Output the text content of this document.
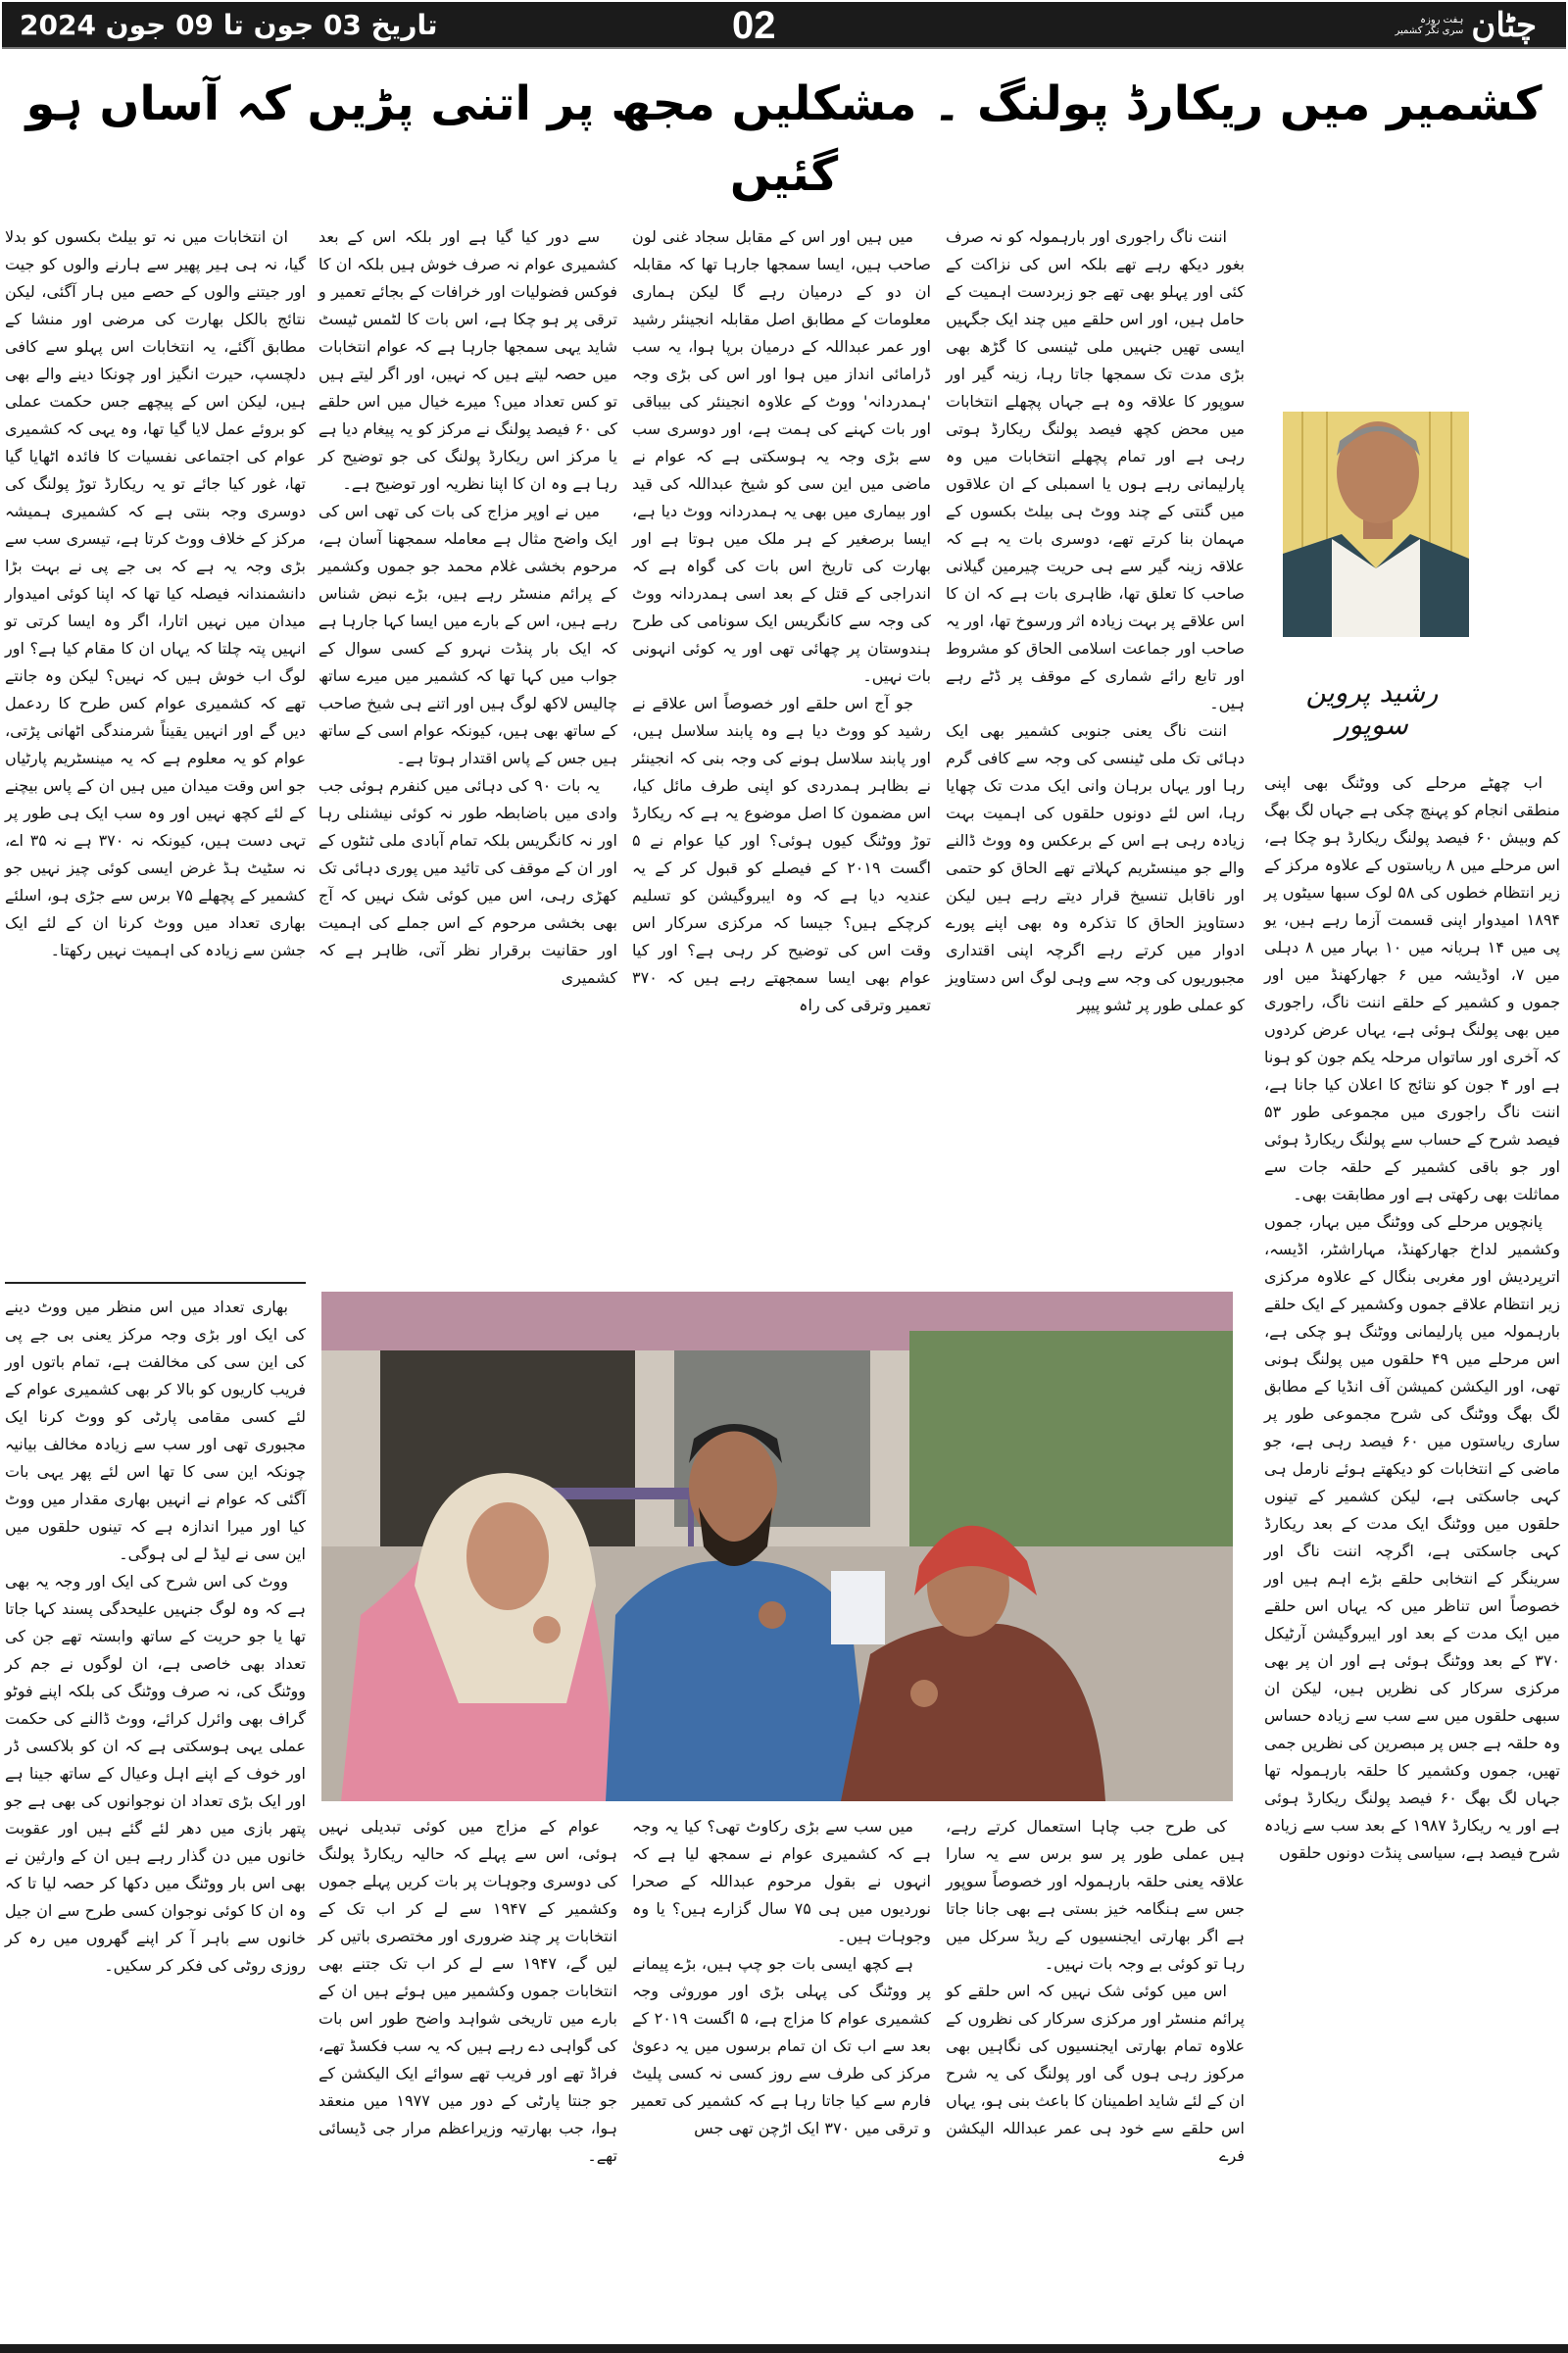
ہفت روزہ
سری نگر کشمیر چٹان
02
تاریخ 03 جون تا 09 جون 2024
کشمیر میں ریکارڈ پولنگ ۔ مشکلیں مجھ پر اتنی پڑیں کہ آساں ہو گئیں
رشید پروین سوپور

اب چھٹے مرحلے کی ووٹنگ بھی اپنی منطقی انجام کو پہنچ چکی ہے جہاں لگ بھگ کم وبیش ۶۰ فیصد پولنگ ریکارڈ ہو چکا ہے، اس مرحلے میں ۸ ریاستوں کے علاوہ مرکز کے زیر انتظام خطوں کی ۵۸ لوک سبھا سیٹوں پر ۱۸۹۴ امیدوار اپنی قسمت آزما رہے ہیں، یو پی میں ۱۴ ہریانہ میں ۱۰ بہار میں ۸ دہلی میں ۷، اوڈیشہ میں ۶ جھارکھنڈ میں اور جموں و کشمیر کے حلقے اننت ناگ، راجوری میں بھی پولنگ ہوئی ہے، یہاں عرض کردوں کہ آخری اور ساتواں مرحلہ یکم جون کو ہونا ہے اور ۴ جون کو نتائج کا اعلان کیا جانا ہے، اننت ناگ راجوری میں مجموعی طور ۵۳ فیصد شرح کے حساب سے پولنگ ریکارڈ ہوئی اور جو باقی کشمیر کے حلقہ جات سے مماثلت بھی رکھتی ہے اور مطابقت بھی۔

پانچویں مرحلے کی ووٹنگ میں بہار، جموں وکشمیر لداخ جھارکھنڈ، مہاراشٹر، اڈیسہ، اترپردیش اور مغربی بنگال کے علاوہ مرکزی زیر انتظام علاقے جموں وکشمیر کے ایک حلقے بارہمولہ میں پارلیمانی ووٹنگ ہو چکی ہے، اس مرحلے میں ۴۹ حلقوں میں پولنگ ہونی تھی، اور الیکشن کمیشن آف انڈیا کے مطابق لگ بھگ ووٹنگ کی شرح مجموعی طور پر ساری ریاستوں میں ۶۰ فیصد رہی ہے، جو ماضی کے انتخابات کو دیکھتے ہوئے نارمل ہی کہی جاسکتی ہے، لیکن کشمیر کے تینوں حلقوں میں ووٹنگ ایک مدت کے بعد ریکارڈ کہی جاسکتی ہے، اگرچہ اننت ناگ اور سرینگر کے انتخابی حلقے بڑے اہم ہیں اور خصوصاً اس تناظر میں کہ یہاں اس حلقے میں ایک مدت کے بعد اور ایبروگیشن آرٹیکل ۳۷۰ کے بعد ووٹنگ ہوئی ہے اور ان پر بھی مرکزی سرکار کی نظریں ہیں، لیکن ان سبھی حلقوں میں سے سب سے زیادہ حساس وہ حلقہ ہے جس پر مبصرین کی نظریں جمی تھیں، جموں وکشمیر کا حلقہ بارہمولہ تھا جہاں لگ بھگ ۶۰ فیصد پولنگ ریکارڈ ہوئی ہے اور یہ ریکارڈ ۱۹۸۷ کے بعد سب سے زیادہ شرح فیصد ہے، سیاسی پنڈت دونوں حلقوں

اننت ناگ راجوری اور بارہمولہ کو نہ صرف بغور دیکھ رہے تھے بلکہ اس کی نزاکت کے کئی اور پہلو بھی تھے جو زبردست اہمیت کے حامل ہیں، اور اس حلقے میں چند ایک جگہیں ایسی تھیں جنہیں ملی ٹینسی کا گڑھ بھی بڑی مدت تک سمجھا جاتا رہا، زینہ گیر اور سوپور کا علاقہ وہ ہے جہاں پچھلے انتخابات میں محض کچھ فیصد پولنگ ریکارڈ ہوتی رہی ہے اور تمام پچھلے انتخابات میں وہ پارلیمانی رہے ہوں یا اسمبلی کے ان علاقوں میں گنتی کے چند ووٹ ہی بیلٹ بکسوں کے مہمان بنا کرتے تھے، دوسری بات یہ ہے کہ علاقہ زینہ گیر سے ہی حریت چیرمین گیلانی صاحب کا تعلق تھا، ظاہری بات ہے کہ ان کا اس علاقے پر بہت زیادہ اثر ورسوخ تھا، اور یہ صاحب اور جماعت اسلامی الحاق کو مشروط اور تابع رائے شماری کے موقف پر ڈٹے رہے ہیں۔

اننت ناگ یعنی جنوبی کشمیر بھی ایک دہائی تک ملی ٹینسی کی وجہ سے کافی گرم رہا اور یہاں برہان وانی ایک مدت تک چھایا رہا، اس لئے دونوں حلقوں کی اہمیت بہت زیادہ رہی ہے اس کے برعکس وہ ووٹ ڈالنے والے جو مینسٹریم کہلاتے تھے الحاق کو حتمی اور ناقابل تنسیخ قرار دیتے رہے ہیں لیکن دستاویز الحاق کا تذکرہ وہ بھی اپنے پورے ادوار میں کرتے رہے اگرچہ اپنی اقتداری مجبوریوں کی وجہ سے وہی لوگ اس دستاویز کو عملی طور پر ٹشو پیپر

کی طرح جب چاہا استعمال کرتے رہے، ہیں عملی طور پر سو برس سے یہ سارا علاقہ یعنی حلقہ بارہمولہ اور خصوصاً سوپور جس سے ہنگامہ خیز بستی ہے بھی جانا جاتا ہے اگر بھارتی ایجنسیوں کے ریڈ سرکل میں رہا تو کوئی بے وجہ بات نہیں۔

اس میں کوئی شک نہیں کہ اس حلقے کو پرائم منسٹر اور مرکزی سرکار کی نظروں کے علاوہ تمام بھارتی ایجنسیوں کی نگاہیں بھی مرکوز رہی ہوں گی اور پولنگ کی یہ شرح ان کے لئے شاید اطمینان کا باعث بنی ہو، یہاں اس حلقے سے خود ہی عمر عبداللہ الیکشن فرے

میں ہیں اور اس کے مقابل سجاد غنی لون صاحب ہیں، ایسا سمجھا جارہا تھا کہ مقابلہ ان دو کے درمیان رہے گا لیکن ہماری معلومات کے مطابق اصل مقابلہ انجینئر رشید اور عمر عبداللہ کے درمیان برپا ہوا، یہ سب ڈرامائی انداز میں ہوا اور اس کی بڑی وجہ 'ہمدردانہ' ووٹ کے علاوہ انجینئر کی بیباقی اور بات کہنے کی ہمت ہے، اور دوسری سب سے بڑی وجہ یہ ہوسکتی ہے کہ عوام نے ماضی میں این سی کو شیخ عبداللہ کی قید اور بیماری میں بھی یہ ہمدردانہ ووٹ دیا ہے، ایسا برصغیر کے ہر ملک میں ہوتا ہے اور بھارت کی تاریخ اس بات کی گواہ ہے کہ اندراجی کے قتل کے بعد اسی ہمدردانہ ووٹ کی وجہ سے کانگریس ایک سونامی کی طرح ہندوستان پر چھائی تھی اور یہ کوئی انہونی بات نہیں۔

جو آج اس حلقے اور خصوصاً اس علاقے نے رشید کو ووٹ دیا ہے وہ پابند سلاسل ہیں، اور پابند سلاسل ہونے کی وجہ بنی کہ انجینئر نے بظاہر ہمدردی کو اپنی طرف مائل کیا، اس مضمون کا اصل موضوع یہ ہے کہ ریکارڈ توڑ ووٹنگ کیوں ہوئی؟ اور کیا عوام نے ۵ اگست ۲۰۱۹ کے فیصلے کو قبول کر کے یہ عندیہ دیا ہے کہ وہ ایبروگیشن کو تسلیم کرچکے ہیں؟ جیسا کہ مرکزی سرکار اس وقت اس کی توضیح کر رہی ہے؟ اور کیا عوام بھی ایسا سمجھتے رہے ہیں کہ ۳۷۰ تعمیر وترقی کی راہ

میں سب سے بڑی رکاوٹ تھی؟ کیا یہ وجہ ہے کہ کشمیری عوام نے سمجھ لیا ہے کہ انہوں نے بقول مرحوم عبداللہ کے صحرا نوردیوں میں ہی ۷۵ سال گزارے ہیں؟ یا وہ وجوہات ہیں۔

ہے کچھ ایسی بات جو چپ ہیں، بڑے پیمانے پر ووٹنگ کی پہلی بڑی اور موروثی وجہ کشمیری عوام کا مزاج ہے، ۵ اگست ۲۰۱۹ کے بعد سے اب تک ان تمام برسوں میں یہ دعویٰ مرکز کی طرف سے روز کسی نہ کسی پلیٹ فارم سے کیا جاتا رہا ہے کہ کشمیر کی تعمیر و ترقی میں ۳۷۰ ایک اڑچن تھی جس

سے دور کیا گیا ہے اور بلکہ اس کے بعد کشمیری عوام نہ صرف خوش ہیں بلکہ ان کا فوکس فضولیات اور خرافات کے بجائے تعمیر و ترقی پر ہو چکا ہے، اس بات کا لٹمس ٹیسٹ شاید یہی سمجھا جارہا ہے کہ عوام انتخابات میں حصہ لیتے ہیں کہ نہیں، اور اگر لیتے ہیں تو کس تعداد میں؟ میرے خیال میں اس حلقے کی ۶۰ فیصد پولنگ نے مرکز کو یہ پیغام دیا ہے یا مرکز اس ریکارڈ پولنگ کی جو توضیح کر رہا ہے وہ ان کا اپنا نظریہ اور توضیح ہے۔

میں نے اوپر مزاج کی بات کی تھی اس کی ایک واضح مثال ہے معاملہ سمجھنا آسان ہے، مرحوم بخشی غلام محمد جو جموں وکشمیر کے پرائم منسٹر رہے ہیں، بڑے نبض شناس رہے ہیں، اس کے بارے میں ایسا کہا جارہا ہے کہ ایک بار پنڈت نہرو کے کسی سوال کے جواب میں کہا تھا کہ کشمیر میں میرے ساتھ چالیس لاکھ لوگ ہیں اور اتنے ہی شیخ صاحب کے ساتھ بھی ہیں، کیونکہ عوام اسی کے ساتھ ہیں جس کے پاس اقتدار ہوتا ہے۔

یہ بات ۹۰ کی دہائی میں کنفرم ہوئی جب وادی میں باضابطہ طور نہ کوئی نیشنلی رہا اور نہ کانگریس بلکہ تمام آبادی ملی ٹنٹوں کے اور ان کے موقف کی تائید میں پوری دہائی تک کھڑی رہی، اس میں کوئی شک نہیں کہ آج بھی بخشی مرحوم کے اس جملے کی اہمیت اور حقانیت برقرار نظر آتی، ظاہر ہے کہ کشمیری

عوام کے مزاج میں کوئی تبدیلی نہیں ہوئی، اس سے پہلے کہ حالیہ ریکارڈ پولنگ کی دوسری وجوہات پر بات کریں پہلے جموں وکشمیر کے ۱۹۴۷ سے لے کر اب تک کے انتخابات پر چند ضروری اور مختصری باتیں کر لیں گے، ۱۹۴۷ سے لے کر اب تک جتنے بھی انتخابات جموں وکشمیر میں ہوئے ہیں ان کے بارے میں تاریخی شواہد واضح طور اس بات کی گواہی دے رہے ہیں کہ یہ سب فکسڈ تھے، فراڈ تھے اور فریب تھے سوائے ایک الیکشن کے جو جنتا پارٹی کے دور میں ۱۹۷۷ میں منعقد ہوا، جب بھارتیہ وزیراعظم مرار جی ڈیسائی تھے۔

ان انتخابات میں نہ تو بیلٹ بکسوں کو بدلا گیا، نہ ہی ہیر پھیر سے ہارنے والوں کو جیت اور جیتنے والوں کے حصے میں ہار آگئی، لیکن نتائج بالکل بھارت کی مرضی اور منشا کے مطابق آگئے، یہ انتخابات اس پہلو سے کافی دلچسپ، حیرت انگیز اور چونکا دینے والے بھی ہیں، لیکن اس کے پیچھے جس حکمت عملی کو بروئے عمل لایا گیا تھا، وہ یہی کہ کشمیری عوام کی اجتماعی نفسیات کا فائدہ اٹھایا گیا تھا، غور کیا جائے تو یہ ریکارڈ توڑ پولنگ کی دوسری وجہ بنتی ہے کہ کشمیری ہمیشہ مرکز کے خلاف ووٹ کرتا ہے، تیسری سب سے بڑی وجہ یہ ہے کہ بی جے پی نے بہت بڑا دانشمندانہ فیصلہ کیا تھا کہ اپنا کوئی امیدوار میدان میں نہیں اتارا، اگر وہ ایسا کرتی تو انہیں پتہ چلتا کہ یہاں ان کا مقام کیا ہے؟ اور لوگ اب خوش ہیں کہ نہیں؟ لیکن وہ جانتے تھے کہ کشمیری عوام کس طرح کا ردعمل دیں گے اور انہیں یقیناً شرمندگی اٹھانی پڑتی، عوام کو یہ معلوم ہے کہ یہ مینسٹریم پارٹیاں جو اس وقت میدان میں ہیں ان کے پاس بیچنے کے لئے کچھ نہیں اور وہ سب ایک ہی طور پر تہی دست ہیں، کیونکہ نہ ۳۷۰ ہے نہ ۳۵ اے، نہ سٹیٹ ہڈ غرض ایسی کوئی چیز نہیں جو کشمیر کے پچھلے ۷۵ برس سے جڑی ہو، اسلئے بھاری تعداد میں ووٹ کرنا ان کے لئے ایک جشن سے زیادہ کی اہمیت نہیں رکھتا۔

بھاری تعداد میں اس منظر میں ووٹ دینے کی ایک اور بڑی وجہ مرکز یعنی بی جے پی کی این سی کی مخالفت ہے، تمام باتوں اور فریب کاریوں کو بالا کر بھی کشمیری عوام کے لئے کسی مقامی پارٹی کو ووٹ کرنا ایک مجبوری تھی اور سب سے زیادہ مخالف بیانیہ چونکہ این سی کا تھا اس لئے پھر یہی بات آگئی کہ عوام نے انہیں بھاری مقدار میں ووٹ کیا اور میرا اندازہ ہے کہ تینوں حلقوں میں این سی نے لیڈ لے لی ہوگی۔

ووٹ کی اس شرح کی ایک اور وجہ یہ بھی ہے کہ وہ لوگ جنہیں علیحدگی پسند کہا جاتا تھا یا جو حریت کے ساتھ وابستہ تھے جن کی تعداد بھی خاصی ہے، ان لوگوں نے جم کر ووٹنگ کی، نہ صرف ووٹنگ کی بلکہ اپنے فوٹو گراف بھی وائرل کرائے، ووٹ ڈالنے کی حکمت عملی یہی ہوسکتی ہے کہ ان کو بلاکسی ڈر اور خوف کے اپنے اہل وعیال کے ساتھ جینا ہے اور ایک بڑی تعداد ان نوجوانوں کی بھی ہے جو پتھر بازی میں دھر لئے گئے ہیں اور عقوبت خانوں میں دن گذار رہے ہیں ان کے وارثین نے بھی اس بار ووٹنگ میں دکھا کر حصہ لیا تا کہ وہ ان کا کوئی نوجوان کسی طرح سے ان جیل خانوں سے باہر آ کر اپنے گھروں میں رہ کر روزی روٹی کی فکر کر سکیں۔
